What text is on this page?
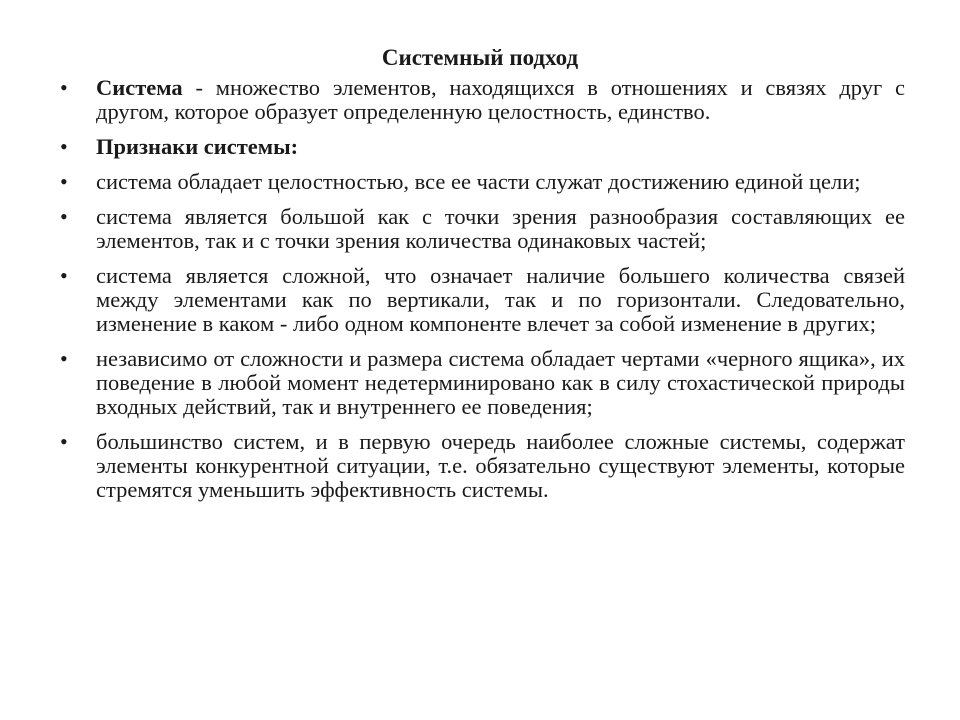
Системный подход
• Система - множество элементов, находящихся в отношениях и связях друг с другом, которое образует определенную целостность, единство.
• Признаки системы:
• система обладает целостностью, все ее части служат достижению единой цели;
• система является большой как с точки зрения разнообразия составляющих ее элементов, так и с точки зрения количества одинаковых частей;
• система является сложной, что означает наличие большего количества связей между элементами как по вертикали, так и по горизонтали. Следовательно, изменение в каком - либо одном компоненте влечет за собой изменение в других;
• независимо от сложности и размера система обладает чертами «черного ящика», их поведение в любой момент недетерминировано как в силу стохастической природы входных действий, так и внутреннего ее поведения;
• большинство систем, и в первую очередь наиболее сложные системы, содержат элементы конкурентной ситуации, т.е. обязательно существуют элементы, которые стремятся уменьшить эффективность системы.
